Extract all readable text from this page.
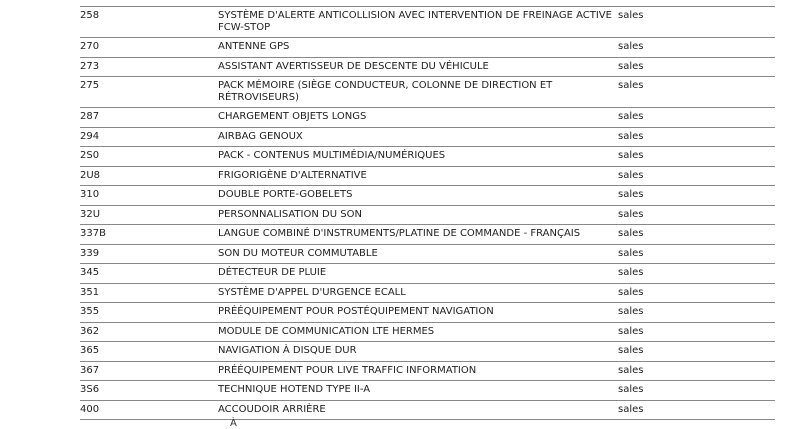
258	SYSTÈME D'ALERTE ANTICOLLISION AVEC INTERVENTION DE FREINAGE ACTIVE FCW-STOP	sales
270	ANTENNE GPS	sales
273	ASSISTANT AVERTISSEUR DE DESCENTE DU VÉHICULE	sales
275	PACK MÉMOIRE (SIÈGE CONDUCTEUR, COLONNE DE DIRECTION ET RÉTROVISEURS)	sales
287	CHARGEMENT OBJETS LONGS	sales
294	AIRBAG GENOUX	sales
2S0	PACK - CONTENUS MULTIMÉDIA/NUMÉRIQUES	sales
2U8	FRIGORIGÈNE D'ALTERNATIVE	sales
310	DOUBLE PORTE-GOBELETS	sales
32U	PERSONNALISATION DU SON	sales
337B	LANGUE COMBINÉ D'INSTRUMENTS/PLATINE DE COMMANDE - FRANÇAIS	sales
339	SON DU MOTEUR COMMUTABLE	sales
345	DÉTECTEUR DE PLUIE	sales
351	SYSTÈME D'APPEL D'URGENCE ECALL	sales
355	PRÉÉQUIPEMENT POUR POSTÉQUIPEMENT NAVIGATION	sales
362	MODULE DE COMMUNICATION LTE HERMES	sales
365	NAVIGATION À DISQUE DUR	sales
367	PRÉÉQUIPEMENT POUR LIVE TRAFFIC INFORMATION	sales
3S6	TECHNIQUE HOTEND TYPE II-A	sales
400	ACCOUDOIR ARRIÈRE	sales
À
